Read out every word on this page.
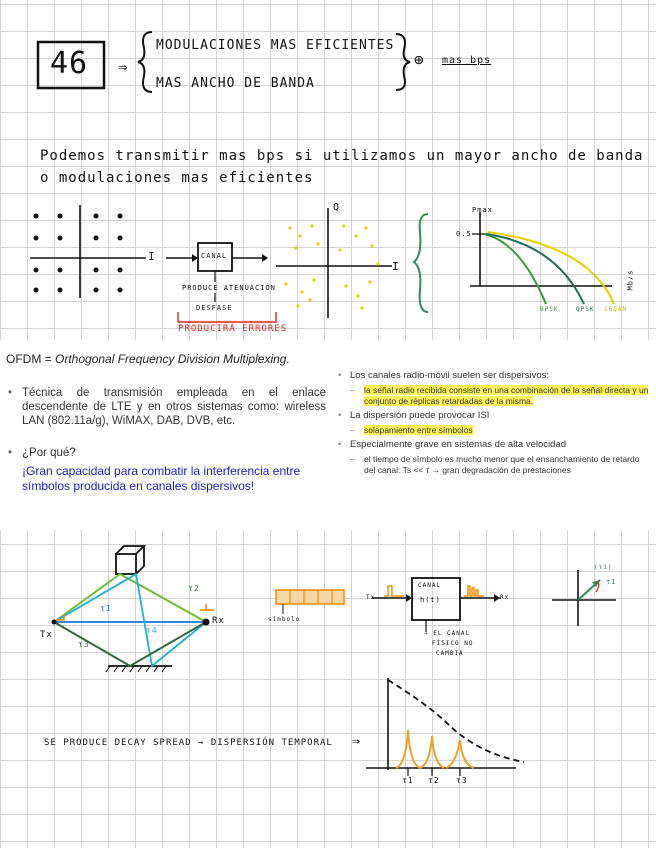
⇒
46
MODULACIONES MAS EFICIENTES
MAS ANCHO DE BANDA
⊕ mas bps
Podemos transmitir mas bps si utilizamos un mayor ancho de banda
o modulaciones mas eficientes
I	CANAL
PRODUCE ATENUACIÓN
DESFASE
PRODUCIRÁ ERRORES
Q
I
Pmax
0.5
Mb/s
BPSK	QPSK 16QAM
OFDM = Orthogonal Frequency Division Multiplexing.
• Técnica de transmisión empleada en el enlace descendente de LTE y en otros sistemas como: wireless LAN (802.11a/g), WiMAX, DAB, DVB, etc.
• ¿Por qué?
¡Gran capacidad para combatir la interferencia entre símbolos producida en canales dispersivos!
• Los canales radio-móvil suelen ser dispersivos:
– la señal radio recibida consiste en una combinación de la señal directa y un conjunto de réplicas retardadas de la misma.
• La dispersión puede provocar ISI
– solapamiento entre símbolos
• Especialmente grave en sistemas de alta velocidad
– el tiempo de símbolo es mucho menor que el ensanchamiento de retardo del canal: Ts << τ → gran degradación de prestaciones
τ2
τ1
τ4
τ3
Tx
Rx	símbolo
Tx	Rx
CANAL
h(t)
→ EL CANAL
FÍSICO NO
CAMBIA
(τ1)
τ1
SE PRODUCE DECAY SPREAD → DISPERSIÓN TEMPORAL ⇒
τ1 τ2 τ3
